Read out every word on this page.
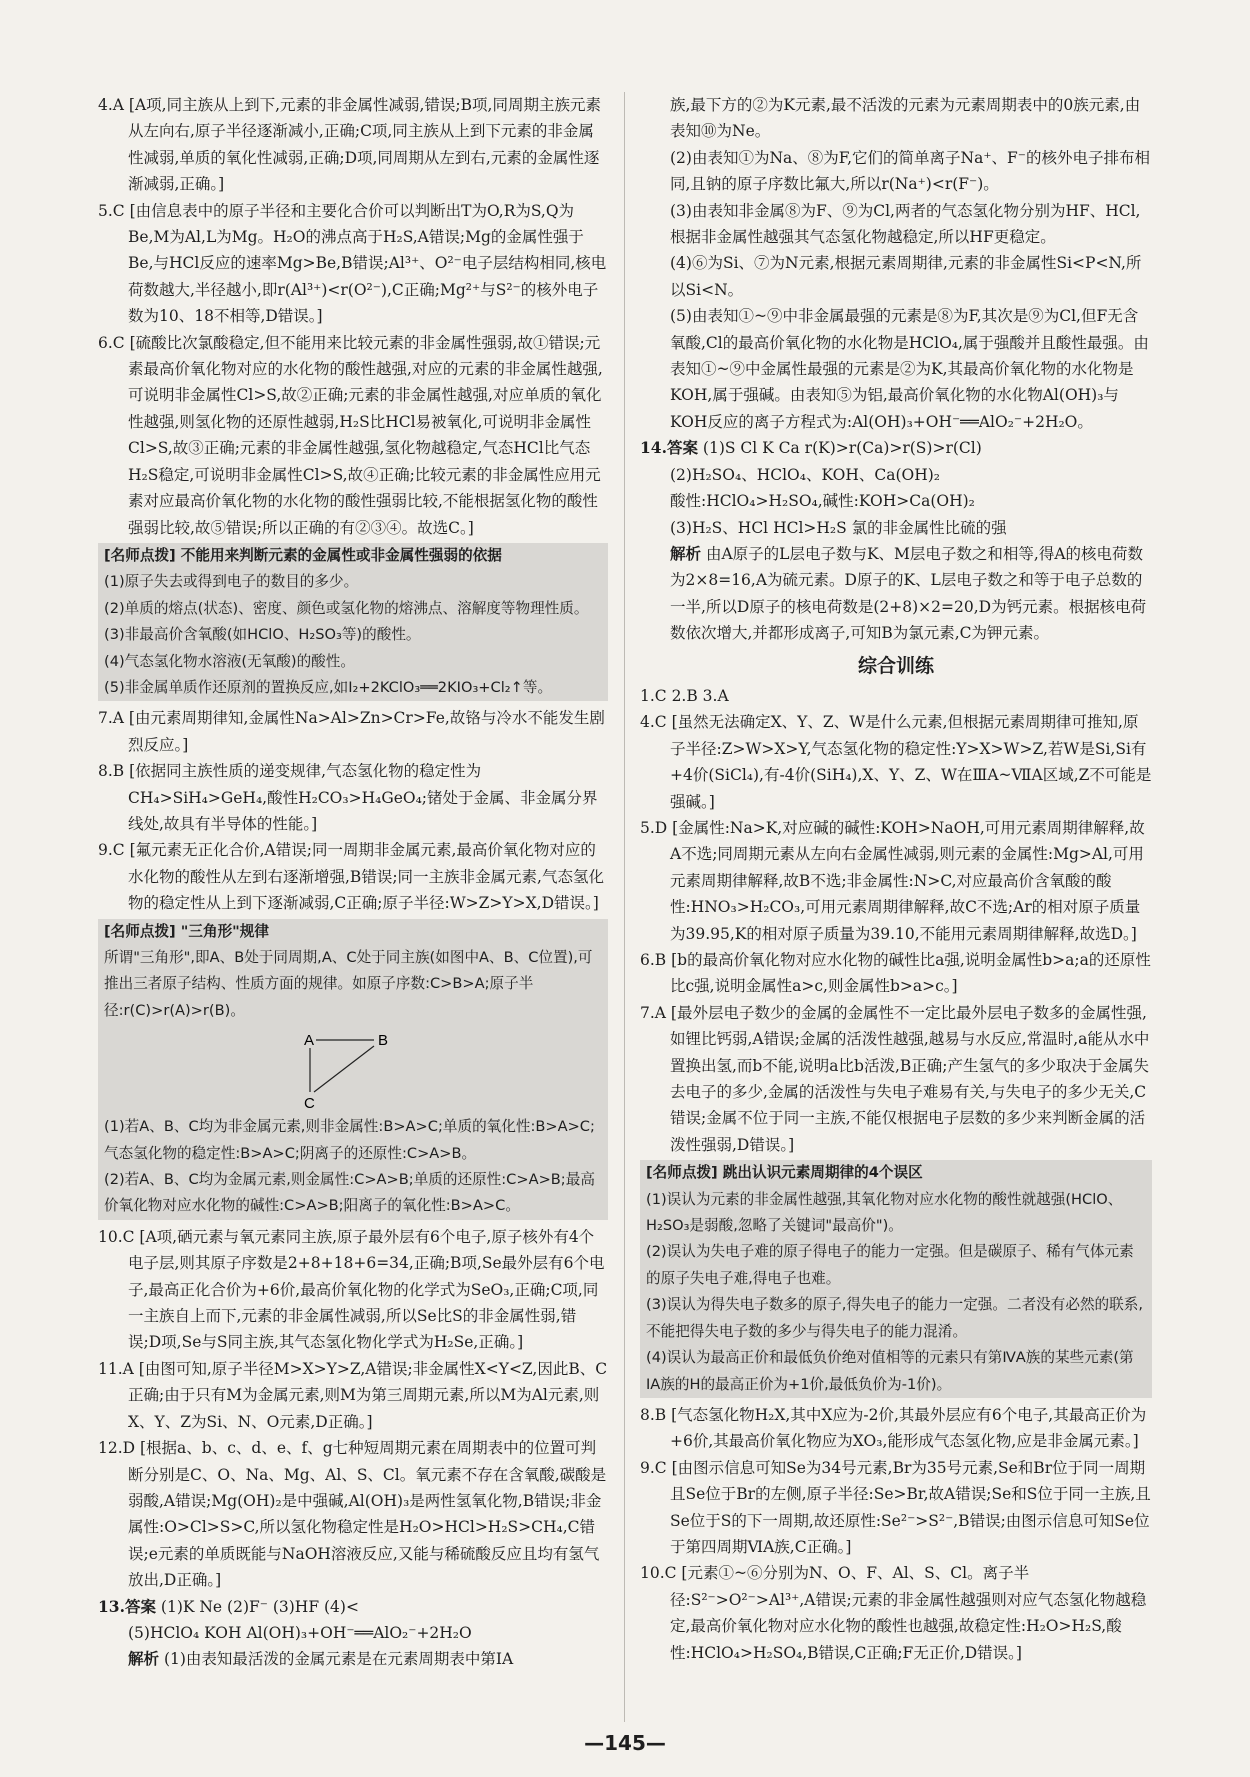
4.A [A项,同主族从上到下,元素的非金属性减弱,错误;B项,同周期主族元素从左向右,原子半径逐渐减小,正确;C项,同主族从上到下元素的非金属性减弱,单质的氧化性减弱,正确;D项,同周期从左到右,元素的金属性逐渐减弱,正确。]

5.C [由信息表中的原子半径和主要化合价可以判断出T为O,R为S,Q为Be,M为Al,L为Mg。H₂O的沸点高于H₂S,A错误;Mg的金属性强于Be,与HCl反应的速率Mg>Be,B错误;Al³⁺、O²⁻电子层结构相同,核电荷数越大,半径越小,即r(Al³⁺)<r(O²⁻),C正确;Mg²⁺与S²⁻的核外电子数为10、18不相等,D错误。]

6.C [硫酸比次氯酸稳定,但不能用来比较元素的非金属性强弱,故①错误;元素最高价氧化物对应的水化物的酸性越强,对应的元素的非金属性越强,可说明非金属性Cl>S,故②正确;元素的非金属性越强,对应单质的氧化性越强,则氢化物的还原性越弱,H₂S比HCl易被氧化,可说明非金属性Cl>S,故③正确;元素的非金属性越强,氢化物越稳定,气态HCl比气态H₂S稳定,可说明非金属性Cl>S,故④正确;比较元素的非金属性应用元素对应最高价氧化物的水化物的酸性强弱比较,不能根据氢化物的酸性强弱比较,故⑤错误;所以正确的有②③④。故选C。]

[名师点拨] 不能用来判断元素的金属性或非金属性强弱的依据

(1)原子失去或得到电子的数目的多少。

(2)单质的熔点(状态)、密度、颜色或氢化物的熔沸点、溶解度等物理性质。

(3)非最高价含氧酸(如HClO、H₂SO₃等)的酸性。

(4)气态氢化物水溶液(无氧酸)的酸性。

(5)非金属单质作还原剂的置换反应,如I₂+2KClO₃══2KIO₃+Cl₂↑等。

7.A [由元素周期律知,金属性Na>Al>Zn>Cr>Fe,故铬与冷水不能发生剧烈反应。]

8.B [依据同主族性质的递变规律,气态氢化物的稳定性为CH₄>SiH₄>GeH₄,酸性H₂CO₃>H₄GeO₄;锗处于金属、非金属分界线处,故具有半导体的性能。]

9.C [氟元素无正化合价,A错误;同一周期非金属元素,最高价氧化物对应的水化物的酸性从左到右逐渐增强,B错误;同一主族非金属元素,气态氢化物的稳定性从上到下逐渐减弱,C正确;原子半径:W>Z>Y>X,D错误。]

[名师点拨] "三角形"规律

所谓"三角形",即A、B处于同周期,A、C处于同主族(如图中A、B、C位置),可推出三者原子结构、性质方面的规律。如原子序数:C>B>A;原子半径:r(C)>r(A)>r(B)。

A	B
C

(1)若A、B、C均为非金属元素,则非金属性:B>A>C;单质的氧化性:B>A>C;气态氢化物的稳定性:B>A>C;阴离子的还原性:C>A>B。

(2)若A、B、C均为金属元素,则金属性:C>A>B;单质的还原性:C>A>B;最高价氧化物对应水化物的碱性:C>A>B;阳离子的氧化性:B>A>C。

10.C [A项,硒元素与氧元素同主族,原子最外层有6个电子,原子核外有4个电子层,则其原子序数是2+8+18+6=34,正确;B项,Se最外层有6个电子,最高正化合价为+6价,最高价氧化物的化学式为SeO₃,正确;C项,同一主族自上而下,元素的非金属性减弱,所以Se比S的非金属性弱,错误;D项,Se与S同主族,其气态氢化物化学式为H₂Se,正确。]

11.A [由图可知,原子半径M>X>Y>Z,A错误;非金属性X<Y<Z,因此B、C正确;由于只有M为金属元素,则M为第三周期元素,所以M为Al元素,则X、Y、Z为Si、N、O元素,D正确。]

12.D [根据a、b、c、d、e、f、g七种短周期元素在周期表中的位置可判断分别是C、O、Na、Mg、Al、S、Cl。氧元素不存在含氧酸,碳酸是弱酸,A错误;Mg(OH)₂是中强碱,Al(OH)₃是两性氢氧化物,B错误;非金属性:O>Cl>S>C,所以氢化物稳定性是H₂O>HCl>H₂S>CH₄,C错误;e元素的单质既能与NaOH溶液反应,又能与稀硫酸反应且均有氢气放出,D正确。]

13.答案 (1)K Ne (2)F⁻ (3)HF (4)<

(5)HClO₄ KOH Al(OH)₃+OH⁻══AlO₂⁻+2H₂O

解析 (1)由表知最活泼的金属元素是在元素周期表中第ⅠA

族,最下方的②为K元素,最不活泼的元素为元素周期表中的0族元素,由表知⑩为Ne。

(2)由表知①为Na、⑧为F,它们的简单离子Na⁺、F⁻的核外电子排布相同,且钠的原子序数比氟大,所以r(Na⁺)<r(F⁻)。

(3)由表知非金属⑧为F、⑨为Cl,两者的气态氢化物分别为HF、HCl,根据非金属性越强其气态氢化物越稳定,所以HF更稳定。

(4)⑥为Si、⑦为N元素,根据元素周期律,元素的非金属性Si<P<N,所以Si<N。

(5)由表知①~⑨中非金属最强的元素是⑧为F,其次是⑨为Cl,但F无含氧酸,Cl的最高价氧化物的水化物是HClO₄,属于强酸并且酸性最强。由表知①~⑨中金属性最强的元素是②为K,其最高价氧化物的水化物是KOH,属于强碱。由表知⑤为铝,最高价氧化物的水化物Al(OH)₃与KOH反应的离子方程式为:Al(OH)₃+OH⁻══AlO₂⁻+2H₂O。

14.答案 (1)S Cl K Ca r(K)>r(Ca)>r(S)>r(Cl)

(2)H₂SO₄、HClO₄、KOH、Ca(OH)₂

酸性:HClO₄>H₂SO₄,碱性:KOH>Ca(OH)₂

(3)H₂S、HCl HCl>H₂S 氯的非金属性比硫的强

解析 由A原子的L层电子数与K、M层电子数之和相等,得A的核电荷数为2×8=16,A为硫元素。D原子的K、L层电子数之和等于电子总数的一半,所以D原子的核电荷数是(2+8)×2=20,D为钙元素。根据核电荷数依次增大,并都形成离子,可知B为氯元素,C为钾元素。

综合训练

1.C 2.B 3.A

4.C [虽然无法确定X、Y、Z、W是什么元素,但根据元素周期律可推知,原子半径:Z>W>X>Y,气态氢化物的稳定性:Y>X>W>Z,若W是Si,Si有+4价(SiCl₄),有-4价(SiH₄),X、Y、Z、W在ⅢA~ⅦA区域,Z不可能是强碱。]

5.D [金属性:Na>K,对应碱的碱性:KOH>NaOH,可用元素周期律解释,故A不选;同周期元素从左向右金属性减弱,则元素的金属性:Mg>Al,可用元素周期律解释,故B不选;非金属性:N>C,对应最高价含氧酸的酸性:HNO₃>H₂CO₃,可用元素周期律解释,故C不选;Ar的相对原子质量为39.95,K的相对原子质量为39.10,不能用元素周期律解释,故选D。]

6.B [b的最高价氧化物对应水化物的碱性比a强,说明金属性b>a;a的还原性比c强,说明金属性a>c,则金属性b>a>c。]

7.A [最外层电子数少的金属的金属性不一定比最外层电子数多的金属性强,如锂比钙弱,A错误;金属的活泼性越强,越易与水反应,常温时,a能从水中置换出氢,而b不能,说明a比b活泼,B正确;产生氢气的多少取决于金属失去电子的多少,金属的活泼性与失电子难易有关,与失电子的多少无关,C错误;金属不位于同一主族,不能仅根据电子层数的多少来判断金属的活泼性强弱,D错误。]

[名师点拨] 跳出认识元素周期律的4个误区

(1)误认为元素的非金属性越强,其氧化物对应水化物的酸性就越强(HClO、H₂SO₃是弱酸,忽略了关键词"最高价")。

(2)误认为失电子难的原子得电子的能力一定强。但是碳原子、稀有气体元素的原子失电子难,得电子也难。

(3)误认为得失电子数多的原子,得失电子的能力一定强。二者没有必然的联系,不能把得失电子数的多少与得失电子的能力混淆。

(4)误认为最高正价和最低负价绝对值相等的元素只有第ⅣA族的某些元素(第ⅠA族的H的最高正价为+1价,最低负价为-1价)。

8.B [气态氢化物H₂X,其中X应为-2价,其最外层应有6个电子,其最高正价为+6价,其最高价氧化物应为XO₃,能形成气态氢化物,应是非金属元素。]

9.C [由图示信息可知Se为34号元素,Br为35号元素,Se和Br位于同一周期且Se位于Br的左侧,原子半径:Se>Br,故A错误;Se和S位于同一主族,且Se位于S的下一周期,故还原性:Se²⁻>S²⁻,B错误;由图示信息可知Se位于第四周期ⅥA族,C正确。]

10.C [元素①~⑥分别为N、O、F、Al、S、Cl。离子半径:S²⁻>O²⁻>Al³⁺,A错误;元素的非金属性越强则对应气态氢化物越稳定,最高价氧化物对应水化物的酸性也越强,故稳定性:H₂O>H₂S,酸性:HClO₄>H₂SO₄,B错误,C正确;F无正价,D错误。]

—145—
